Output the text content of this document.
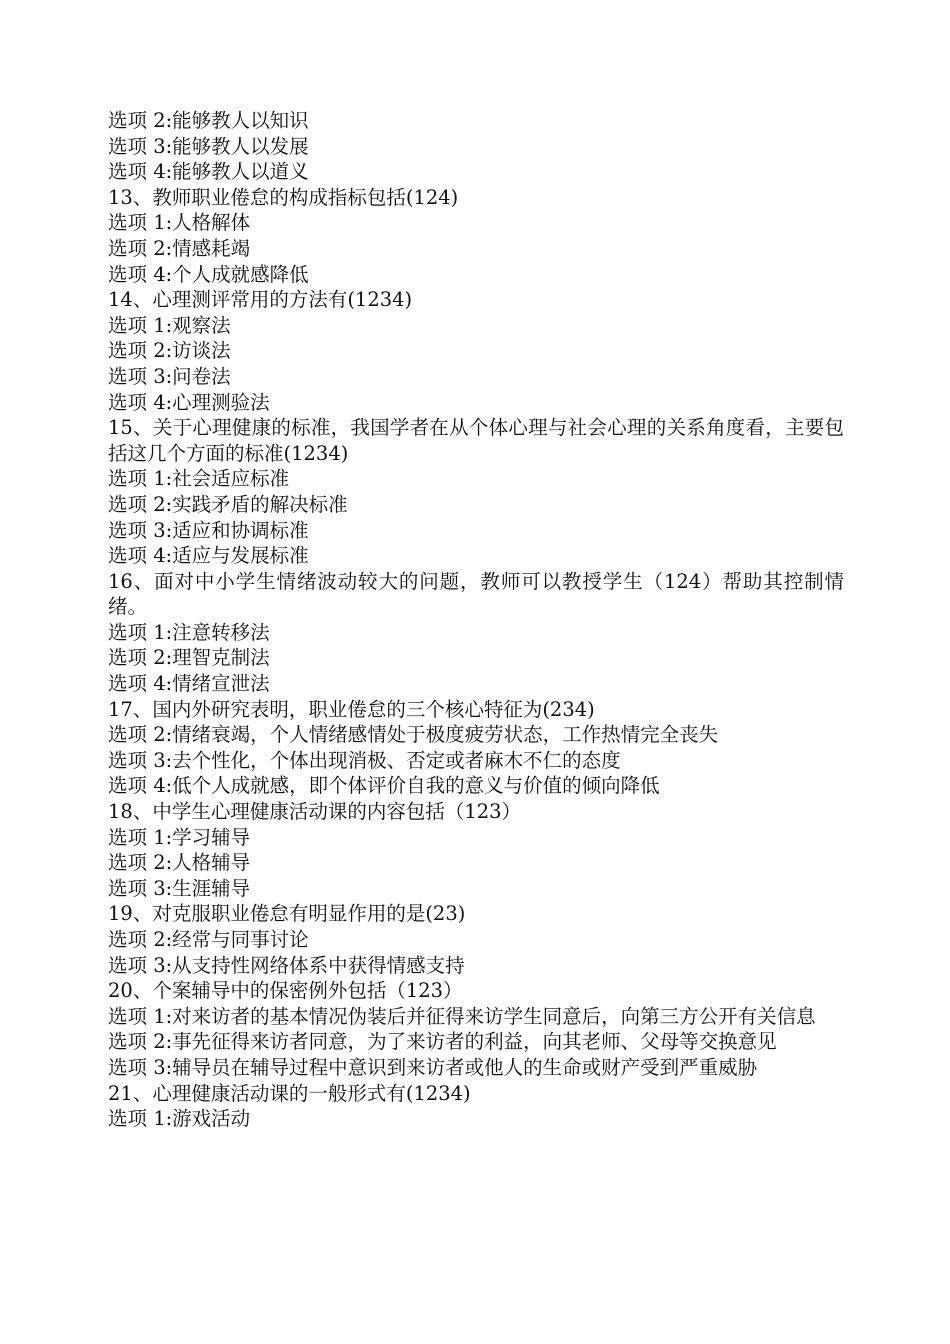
选项 2:能够教人以知识

选项 3:能够教人以发展

选项 4:能够教人以道义

13、教师职业倦怠的构成指标包括(124)

选项 1:人格解体

选项 2:情感耗竭

选项 4:个人成就感降低

14、心理测评常用的方法有(1234)

选项 1:观察法

选项 2:访谈法

选项 3:问卷法

选项 4:心理测验法

15、关于心理健康的标准，我国学者在从个体心理与社会心理的关系角度看，主要包括这几个方面的标准(1234)

选项 1:社会适应标准

选项 2:实践矛盾的解决标准

选项 3:适应和协调标准

选项 4:适应与发展标准

16、面对中小学生情绪波动较大的问题，教师可以教授学生（124）帮助其控制情绪。

选项 1:注意转移法

选项 2:理智克制法

选项 4:情绪宣泄法

17、国内外研究表明，职业倦怠的三个核心特征为(234)

选项 2:情绪衰竭，个人情绪感情处于极度疲劳状态，工作热情完全丧失

选项 3:去个性化，个体出现消极、否定或者麻木不仁的态度

选项 4:低个人成就感，即个体评价自我的意义与价值的倾向降低

18、中学生心理健康活动课的内容包括（123）

选项 1:学习辅导

选项 2:人格辅导

选项 3:生涯辅导

19、对克服职业倦怠有明显作用的是(23)

选项 2:经常与同事讨论

选项 3:从支持性网络体系中获得情感支持

20、个案辅导中的保密例外包括（123）

选项 1:对来访者的基本情况伪装后并征得来访学生同意后，向第三方公开有关信息

选项 2:事先征得来访者同意，为了来访者的利益，向其老师、父母等交换意见

选项 3:辅导员在辅导过程中意识到来访者或他人的生命或财产受到严重威胁

21、心理健康活动课的一般形式有(1234)

选项 1:游戏活动
